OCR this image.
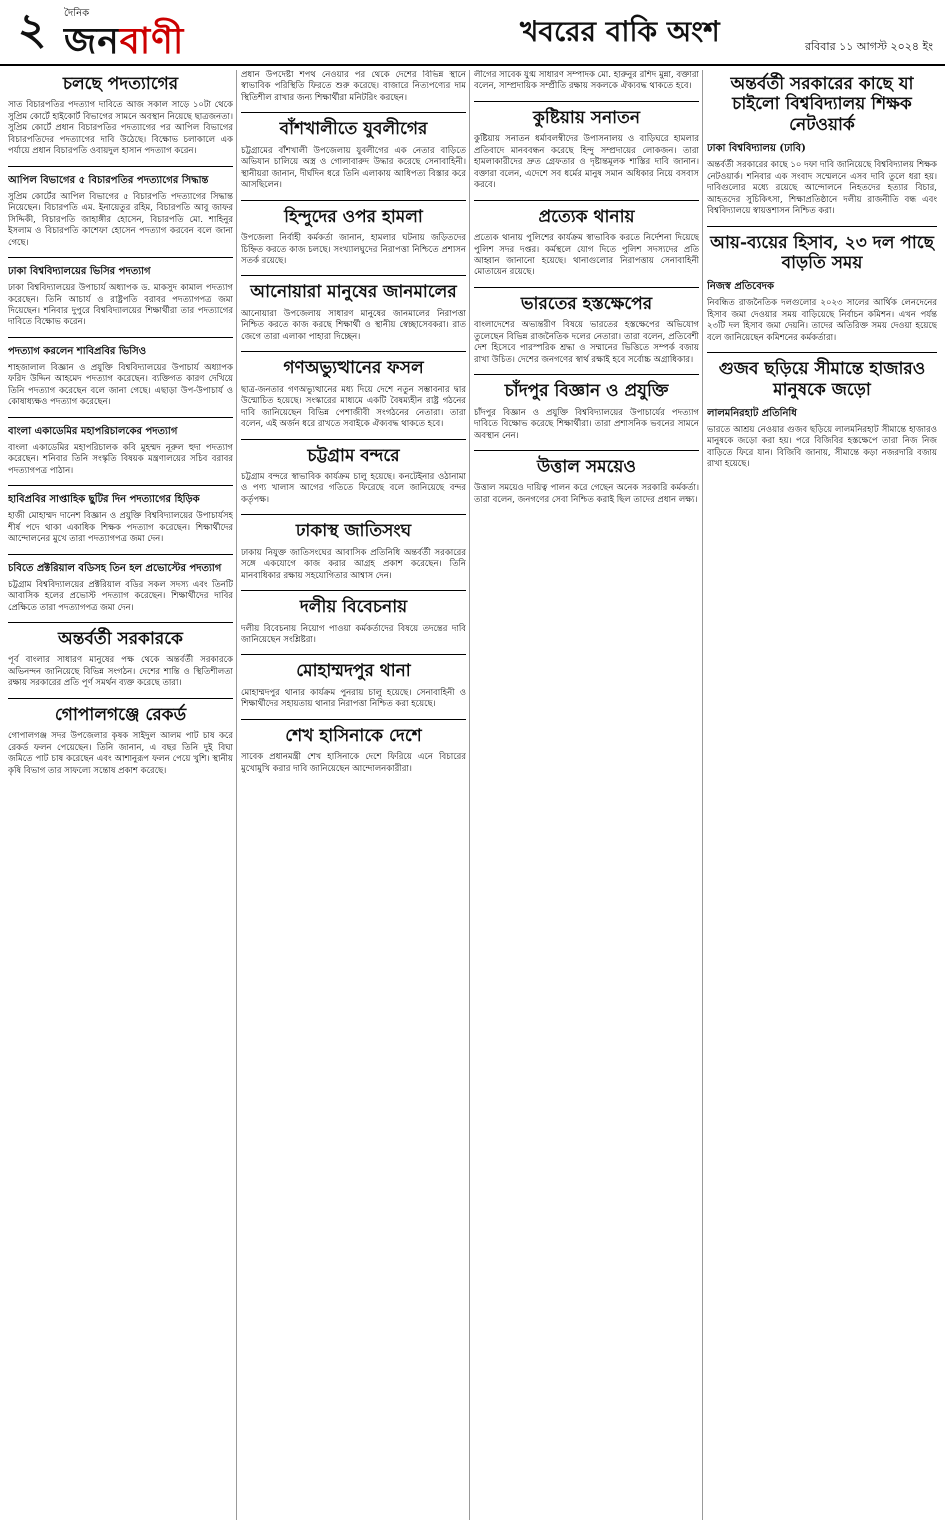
২	দৈনিক
জনবাণী	খবরের বাকি অংশ	রবিবার ১১ আগস্ট ২০২৪ ইং
চলছে পদত্যাগের
সাত বিচারপতির পদত্যাগ দাবিতে আজ সকাল সাড়ে ১০টা থেকে সুপ্রিম কোর্টে হাইকোর্ট বিভাগের সামনে অবস্থান নিয়েছে ছাত্রজনতা। সুপ্রিম কোর্টে প্রধান বিচারপতির পদত্যাগের পর আপিল বিভাগের বিচারপতিদের পদত্যাগের দাবি উঠেছে। বিক্ষোভ চলাকালে এক পর্যায়ে প্রধান বিচারপতি ওবায়দুল হাসান পদত্যাগ করেন।
আপিল বিভাগের ৫ বিচারপতির পদত্যাগের সিদ্ধান্ত
সুপ্রিম কোর্টের আপিল বিভাগের ৫ বিচারপতি পদত্যাগের সিদ্ধান্ত নিয়েছেন। বিচারপতি এম. ইনায়েতুর রহিম, বিচারপতি আবু জাফর সিদ্দিকী, বিচারপতি জাহাঙ্গীর হোসেন, বিচারপতি মো. শাহিনুর ইসলাম ও বিচারপতি কাশেফা হোসেন পদত্যাগ করবেন বলে জানা গেছে।
ঢাকা বিশ্ববিদ্যালয়ের ভিসির পদত্যাগ
ঢাকা বিশ্ববিদ্যালয়ের উপাচার্য অধ্যাপক ড. মাকসুদ কামাল পদত্যাগ করেছেন। তিনি আচার্য ও রাষ্ট্রপতি বরাবর পদত্যাগপত্র জমা দিয়েছেন। শনিবার দুপুরে বিশ্ববিদ্যালয়ের শিক্ষার্থীরা তার পদত্যাগের দাবিতে বিক্ষোভ করেন।
পদত্যাগ করলেন শাবিপ্রবির ভিসিও
শাহজালাল বিজ্ঞান ও প্রযুক্তি বিশ্ববিদ্যালয়ের উপাচার্য অধ্যাপক ফরিদ উদ্দিন আহমেদ পদত্যাগ করেছেন। ব্যক্তিগত কারণ দেখিয়ে তিনি পদত্যাগ করেছেন বলে জানা গেছে। এছাড়া উপ-উপাচার্য ও কোষাধ্যক্ষও পদত্যাগ করেছেন।
বাংলা একাডেমির মহাপরিচালকের পদত্যাগ
বাংলা একাডেমির মহাপরিচালক কবি মুহম্মদ নূরুল হুদা পদত্যাগ করেছেন। শনিবার তিনি সংস্কৃতি বিষয়ক মন্ত্রণালয়ের সচিব বরাবর পদত্যাগপত্র পাঠান।
হাবিপ্রবির সাপ্তাহিক ছুটির দিন পদত্যাগের হিড়িক
হাজী মোহাম্মদ দানেশ বিজ্ঞান ও প্রযুক্তি বিশ্ববিদ্যালয়ের উপাচার্যসহ শীর্ষ পদে থাকা একাধিক শিক্ষক পদত্যাগ করেছেন। শিক্ষার্থীদের আন্দোলনের মুখে তারা পদত্যাগপত্র জমা দেন।
চবিতে প্রক্টরিয়াল বডিসহ তিন হল প্রভোস্টের পদত্যাগ
চট্টগ্রাম বিশ্ববিদ্যালয়ের প্রক্টরিয়াল বডির সকল সদস্য এবং তিনটি আবাসিক হলের প্রভোস্ট পদত্যাগ করেছেন। শিক্ষার্থীদের দাবির প্রেক্ষিতে তারা পদত্যাগপত্র জমা দেন।
অন্তর্বর্তী সরকারকে
পূর্ব বাংলার সাধারণ মানুষের পক্ষ থেকে অন্তর্বর্তী সরকারকে অভিনন্দন জানিয়েছে বিভিন্ন সংগঠন। দেশের শান্তি ও স্থিতিশীলতা রক্ষায় সরকারের প্রতি পূর্ণ সমর্থন ব্যক্ত করেছে তারা।
গোপালগঞ্জে রেকর্ড
গোপালগঞ্জ সদর উপজেলার কৃষক সাইদুল আলম পাট চাষ করে রেকর্ড ফলন পেয়েছেন। তিনি জানান, এ বছর তিনি দুই বিঘা জমিতে পাট চাষ করেছেন এবং আশানুরূপ ফলন পেয়ে খুশি। স্থানীয় কৃষি বিভাগ তার সাফল্যে সন্তোষ প্রকাশ করেছে।
প্রধান উপদেষ্টা শপথ নেওয়ার পর থেকে দেশের বিভিন্ন স্থানে স্বাভাবিক পরিস্থিতি ফিরতে শুরু করেছে। বাজারে নিত্যপণ্যের দাম স্থিতিশীল রাখার জন্য শিক্ষার্থীরা মনিটরিং করছেন।
বাঁশখালীতে যুবলীগের
চট্টগ্রামের বাঁশখালী উপজেলায় যুবলীগের এক নেতার বাড়িতে অভিযান চালিয়ে অস্ত্র ও গোলাবারুদ উদ্ধার করেছে সেনাবাহিনী। স্থানীয়রা জানান, দীর্ঘদিন ধরে তিনি এলাকায় আধিপত্য বিস্তার করে আসছিলেন।
হিন্দুদের ওপর হামলা
উপজেলা নির্বাহী কর্মকর্তা জানান, হামলার ঘটনায় জড়িতদের চিহ্নিত করতে কাজ চলছে। সংখ্যালঘুদের নিরাপত্তা নিশ্চিতে প্রশাসন সতর্ক রয়েছে।
আনোয়ারা মানুষের জানমালের
আনোয়ারা উপজেলায় সাধারণ মানুষের জানমালের নিরাপত্তা নিশ্চিত করতে কাজ করছে শিক্ষার্থী ও স্থানীয় স্বেচ্ছাসেবকরা। রাত জেগে তারা এলাকা পাহারা দিচ্ছেন।
গণঅভ্যুত্থানের ফসল
ছাত্র-জনতার গণঅভ্যুত্থানের মধ্য দিয়ে দেশে নতুন সম্ভাবনার দ্বার উন্মোচিত হয়েছে। সংস্কারের মাধ্যমে একটি বৈষম্যহীন রাষ্ট্র গঠনের দাবি জানিয়েছেন বিভিন্ন পেশাজীবী সংগঠনের নেতারা। তারা বলেন, এই অর্জন ধরে রাখতে সবাইকে ঐক্যবদ্ধ থাকতে হবে।
চট্টগ্রাম বন্দরে
চট্টগ্রাম বন্দরে স্বাভাবিক কার্যক্রম চালু হয়েছে। কনটেইনার ওঠানামা ও পণ্য খালাস আগের গতিতে ফিরেছে বলে জানিয়েছে বন্দর কর্তৃপক্ষ।
ঢাকাস্থ জাতিসংঘ
ঢাকায় নিযুক্ত জাতিসংঘের আবাসিক প্রতিনিধি অন্তর্বর্তী সরকারের সঙ্গে একযোগে কাজ করার আগ্রহ প্রকাশ করেছেন। তিনি মানবাধিকার রক্ষায় সহযোগিতার আশ্বাস দেন।
দলীয় বিবেচনায়
দলীয় বিবেচনায় নিয়োগ পাওয়া কর্মকর্তাদের বিষয়ে তদন্তের দাবি জানিয়েছেন সংশ্লিষ্টরা।
মোহাম্মদপুর থানা
মোহাম্মদপুর থানার কার্যক্রম পুনরায় চালু হয়েছে। সেনাবাহিনী ও শিক্ষার্থীদের সহায়তায় থানার নিরাপত্তা নিশ্চিত করা হয়েছে।
শেখ হাসিনাকে দেশে
সাবেক প্রধানমন্ত্রী শেখ হাসিনাকে দেশে ফিরিয়ে এনে বিচারের মুখোমুখি করার দাবি জানিয়েছেন আন্দোলনকারীরা।
লীগের সাবেক যুগ্ম সাধারণ সম্পাদক মো. হারুনুর রশিদ মুন্না, বক্তারা বলেন, সাম্প্রদায়িক সম্প্রীতি রক্ষায় সকলকে ঐক্যবদ্ধ থাকতে হবে।
কুষ্টিয়ায় সনাতন
কুষ্টিয়ায় সনাতন ধর্মাবলম্বীদের উপাসনালয় ও বাড়িঘরে হামলার প্রতিবাদে মানববন্ধন করেছে হিন্দু সম্প্রদায়ের লোকজন। তারা হামলাকারীদের দ্রুত গ্রেফতার ও দৃষ্টান্তমূলক শাস্তির দাবি জানান। বক্তারা বলেন, এদেশে সব ধর্মের মানুষ সমান অধিকার নিয়ে বসবাস করবে।
প্রত্যেক থানায়
প্রত্যেক থানায় পুলিশের কার্যক্রম স্বাভাবিক করতে নির্দেশনা দিয়েছে পুলিশ সদর দপ্তর। কর্মস্থলে যোগ দিতে পুলিশ সদস্যদের প্রতি আহ্বান জানানো হয়েছে। থানাগুলোর নিরাপত্তায় সেনাবাহিনী মোতায়েন রয়েছে।
ভারতের হস্তক্ষেপের
বাংলাদেশের অভ্যন্তরীণ বিষয়ে ভারতের হস্তক্ষেপের অভিযোগ তুলেছেন বিভিন্ন রাজনৈতিক দলের নেতারা। তারা বলেন, প্রতিবেশী দেশ হিসেবে পারস্পরিক শ্রদ্ধা ও সম্মানের ভিত্তিতে সম্পর্ক বজায় রাখা উচিত। দেশের জনগণের স্বার্থ রক্ষাই হবে সর্বোচ্চ অগ্রাধিকার।
চাঁদপুর বিজ্ঞান ও প্রযুক্তি
চাঁদপুর বিজ্ঞান ও প্রযুক্তি বিশ্ববিদ্যালয়ের উপাচার্যের পদত্যাগ দাবিতে বিক্ষোভ করেছে শিক্ষার্থীরা। তারা প্রশাসনিক ভবনের সামনে অবস্থান নেন।
উত্তাল সময়েও
উত্তাল সময়েও দায়িত্ব পালন করে গেছেন অনেক সরকারি কর্মকর্তা। তারা বলেন, জনগণের সেবা নিশ্চিত করাই ছিল তাদের প্রধান লক্ষ্য।
অন্তর্বর্তী সরকারের কাছে যা চাইলো বিশ্ববিদ্যালয় শিক্ষক নেটওয়ার্ক
ঢাকা বিশ্ববিদ্যালয় (ঢাবি)
অন্তর্বর্তী সরকারের কাছে ১০ দফা দাবি জানিয়েছে বিশ্ববিদ্যালয় শিক্ষক নেটওয়ার্ক। শনিবার এক সংবাদ সম্মেলনে এসব দাবি তুলে ধরা হয়। দাবিগুলোর মধ্যে রয়েছে আন্দোলনে নিহতদের হত্যার বিচার, আহতদের সুচিকিৎসা, শিক্ষাপ্রতিষ্ঠানে দলীয় রাজনীতি বন্ধ এবং বিশ্ববিদ্যালয়ে স্বায়ত্তশাসন নিশ্চিত করা।
আয়-ব্যয়ের হিসাব, ২৩ দল পাছে বাড়তি সময়
নিজস্ব প্রতিবেদক
নিবন্ধিত রাজনৈতিক দলগুলোর ২০২৩ সালের আর্থিক লেনদেনের হিসাব জমা দেওয়ার সময় বাড়িয়েছে নির্বাচন কমিশন। এখন পর্যন্ত ২৩টি দল হিসাব জমা দেয়নি। তাদের অতিরিক্ত সময় দেওয়া হয়েছে বলে জানিয়েছেন কমিশনের কর্মকর্তারা।
গুজব ছড়িয়ে সীমান্তে হাজারও মানুষকে জড়ো
লালমনিরহাট প্রতিনিধি
ভারতে আশ্রয় নেওয়ার গুজব ছড়িয়ে লালমনিরহাট সীমান্তে হাজারও মানুষকে জড়ো করা হয়। পরে বিজিবির হস্তক্ষেপে তারা নিজ নিজ বাড়িতে ফিরে যান। বিজিবি জানায়, সীমান্তে কড়া নজরদারি বজায় রাখা হয়েছে।
